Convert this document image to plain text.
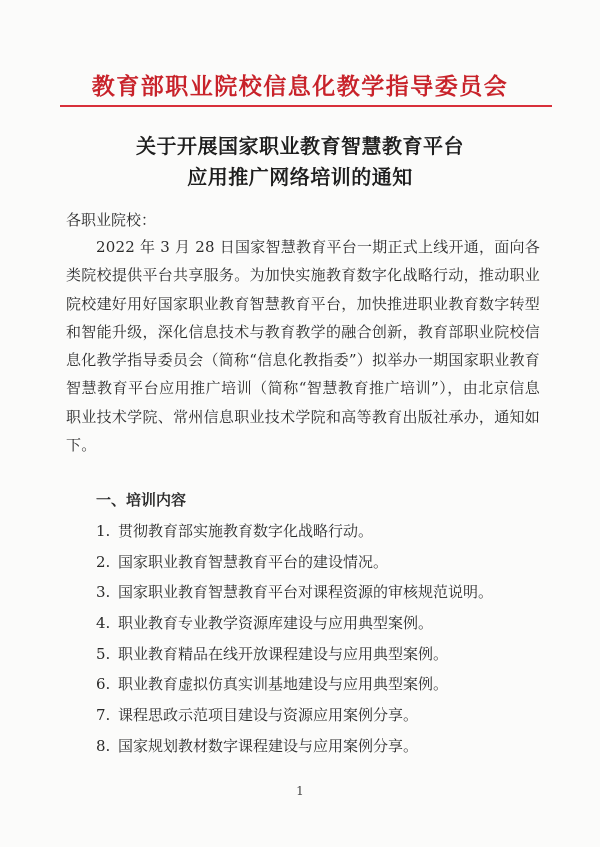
教育部职业院校信息化教学指导委员会
关于开展国家职业教育智慧教育平台
应用推广网络培训的通知
各职业院校：
2022 年 3 月 28 日国家智慧教育平台一期正式上线开通，面向各类院校提供平台共享服务。为加快实施教育数字化战略行动，推动职业院校建好用好国家职业教育智慧教育平台，加快推进职业教育数字转型和智能升级，深化信息技术与教育教学的融合创新，教育部职业院校信息化教学指导委员会（简称“信息化教指委”）拟举办一期国家职业教育智慧教育平台应用推广培训（简称“智慧教育推广培训”），由北京信息职业技术学院、常州信息职业技术学院和高等教育出版社承办，通知如下。
一、培训内容
1. 贯彻教育部实施教育数字化战略行动。
2. 国家职业教育智慧教育平台的建设情况。
3. 国家职业教育智慧教育平台对课程资源的审核规范说明。
4. 职业教育专业教学资源库建设与应用典型案例。
5. 职业教育精品在线开放课程建设与应用典型案例。
6. 职业教育虚拟仿真实训基地建设与应用典型案例。
7. 课程思政示范项目建设与资源应用案例分享。
8. 国家规划教材数字课程建设与应用案例分享。
1
